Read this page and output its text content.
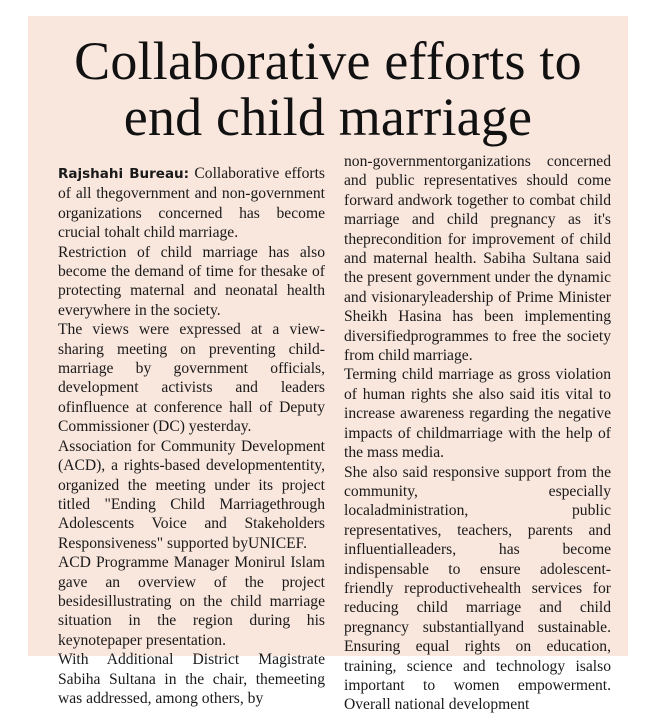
Collaborative efforts to
end child marriage

Rajshahi Bureau: Collaborative efforts of all thegovernment and non-government organizations concerned has become crucial tohalt child marriage.

Restriction of child marriage has also become the demand of time for thesake of protecting maternal and neonatal health everywhere in the society.

The views were expressed at a view-sharing meeting on preventing child-marriage by government officials, development activists and leaders ofinfluence at conference hall of Deputy Commissioner (DC) yesterday.

Association for Community Development (ACD), a rights-based developmententity, organized the meeting under its project titled "Ending Child Marriagethrough Adolescents Voice and Stakeholders Responsiveness" supported byUNICEF.

ACD Programme Manager Monirul Islam gave an overview of the project besidesillustrating on the child marriage situation in the region during his keynotepaper presentation.

With Additional District Magistrate Sabiha Sultana in the chair, themeeting was addressed, among others, by

non-governmentorganizations concerned and public representatives should come forward andwork together to combat child marriage and child pregnancy as it's theprecondition for improvement of child and maternal health. Sabiha Sultana said the present government under the dynamic and visionaryleadership of Prime Minister Sheikh Hasina has been implementing diversifiedprogrammes to free the society from child marriage.

Terming child marriage as gross violation of human rights she also said itis vital to increase awareness regarding the negative impacts of childmarriage with the help of the mass media.

She also said responsive support from the community, especially localadministration, public representatives, teachers, parents and influentialleaders, has become indispensable to ensure adolescent-friendly reproductivehealth services for reducing child marriage and child pregnancy substantiallyand sustainable. Ensuring equal rights on education, training, science and technology isalso important to women empowerment. Overall national development
